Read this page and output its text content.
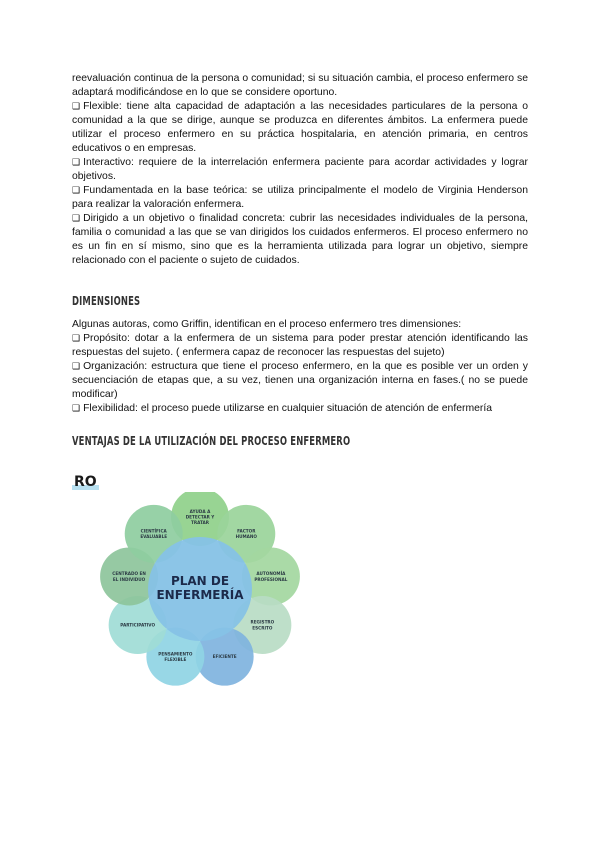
reevaluación continua de la persona o comunidad; si su situación cambia, el proceso enfermero se adaptará modificándose en lo que se considere oportuno.

❑ Flexible: tiene alta capacidad de adaptación a las necesidades particulares de la persona o comunidad a la que se dirige, aunque se produzca en diferentes ámbitos. La enfermera puede utilizar el proceso enfermero en su práctica hospitalaria, en atención primaria, en centros educativos o en empresas.

❑ Interactivo: requiere de la interrelación enfermera paciente para acordar actividades y lograr objetivos.

❑ Fundamentada en la base teórica: se utiliza principalmente el modelo de Virginia Henderson para realizar la valoración enfermera.

❑ Dirigido a un objetivo o finalidad concreta: cubrir las necesidades individuales de la persona, familia o comunidad a las que se van dirigidos los cuidados enfermeros. El proceso enfermero no es un fin en sí mismo, sino que es la herramienta utilizada para lograr un objetivo, siempre relacionado con el paciente o sujeto de cuidados.

DIMENSIONES

Algunas autoras, como Griffin, identifican en el proceso enfermero tres dimensiones:

❑ Propósito: dotar a la enfermera de un sistema para poder prestar atención identificando las respuestas del sujeto. ( enfermera capaz de reconocer las respuestas del sujeto)

❑ Organización: estructura que tiene el proceso enfermero, en la que es posible ver un orden y secuenciación de etapas que, a su vez, tienen una organización interna en fases.( no se puede modificar)

❑ Flexibilidad: el proceso puede utilizarse en cualquier situación de atención de enfermería

VENTAJAS DE LA UTILIZACIÓN DEL PROCESO ENFERMERO
RO
AYUDA A
DETECTAR Y
TRATAR
FACTOR
HUMANO
AUTONOMÍA
PROFESIONAL
REGISTRO
ESCRITO
EFICIENTE
PENSAMIENTO
FLEXIBLE
PARTICIPATIVO
CENTRADO EN
EL INDIVIDUO
CIENTÍFICA
EVALUABLE
PLAN DE
ENFERMERÍA
